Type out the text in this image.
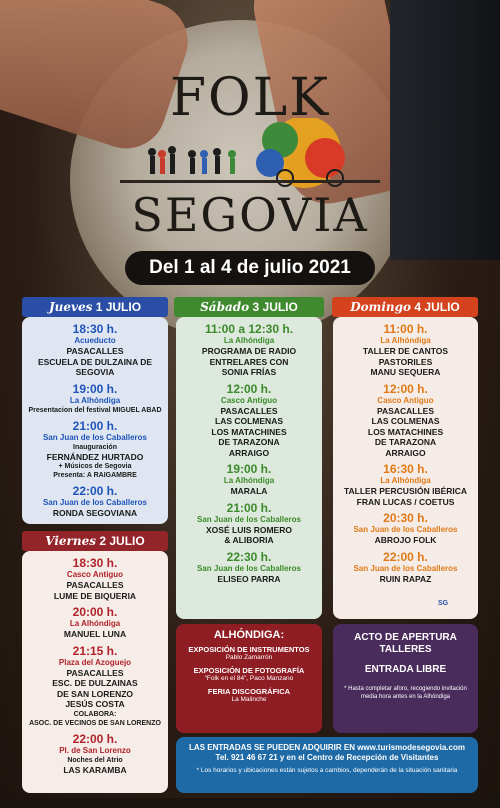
FOLK
SEGOVIA
Del 1 al 4 de julio 2021
Jueves 1 JULIO	Sábado 3 JULIO	Domingo 4 JULIO
Viernes 2 JULIO
18:30 h.
Acueducto
PASACALLES
ESCUELA DE DULZAINA DE SEGOVIA
19:00 h.
La Alhóndiga
Presentacion del festival MIGUEL ABAD
21:00 h.
San Juan de los Caballeros
Inauguración
FERNÁNDEZ HURTADO
+ Músicos de Segovia
Presenta: A RAIGAMBRE
22:00 h.
San Juan de los Caballeros
RONDA SEGOVIANA
11:00 a 12:30 h.
La Alhóndiga
PROGRAMA DE RADIO
ENTRELARES CON
SONIA FRÍAS
12:00 h.
Casco Antiguo
PASACALLES
LAS COLMENAS
LOS MATACHINES
DE TARAZONA
ARRAIGO
19:00 h.
La Alhóndiga
MARALA
21:00 h.
San Juan de los Caballeros
XOSÉ LUIS ROMERO
& ALIBORIA
22:30 h.
San Juan de los Caballeros
ELISEO PARRA
11:00 h.
La Alhóndiga
TALLER DE CANTOS
PASTORILES
MANU SEQUERA
12:00 h.
Casco Antiguo
PASACALLES
LAS COLMENAS
LOS MATACHINES
DE TARAZONA
ARRAIGO
16:30 h.
La Alhóndiga
TALLER PERCUSIÓN IBÉRICA
FRAN LUCAS / COETUS
20:30 h.
San Juan de los Caballeros
ABROJO FOLK
22:00 h.
San Juan de los Caballeros
RUIN RAPAZ
18:30 h.
Casco Antiguo
PASACALLES
LUME DE BIQUERIA
20:00 h.
La Alhóndiga
MANUEL LUNA
21:15 h.
Plaza del Azoguejo
PASACALLES
ESC. DE DULZAINAS
DE SAN LORENZO
JESÚS COSTA
COLABORA:
ASOC. DE VECINOS DE SAN LORENZO
22:00 h.
Pl. de San Lorenzo
Noches del Atrio
LAS KARAMBA
SG
ALHÓNDIGA:
EXPOSICIÓN DE INSTRUMENTOS
Pablo Zamarrón
EXPOSICIÓN DE FOTOGRAFÍA
“Folk en el 84”, Paco Manzano
FERIA DISCOGRÁFICA
La Malinche
ACTO DE APERTURA
TALLERES
ENTRADA LIBRE
* Hasta completar aforo, recogiendo invitación media hora antes en la Alhóndiga
LAS ENTRADAS SE PUEDEN ADQUIRIR EN www.turismodesegovia.com
Tel. 921 46 67 21 y en el Centro de Recepción de Visitantes
* Los horarios y ubicaciones están sujetos a cambios, dependerán de la situación sanitaria
